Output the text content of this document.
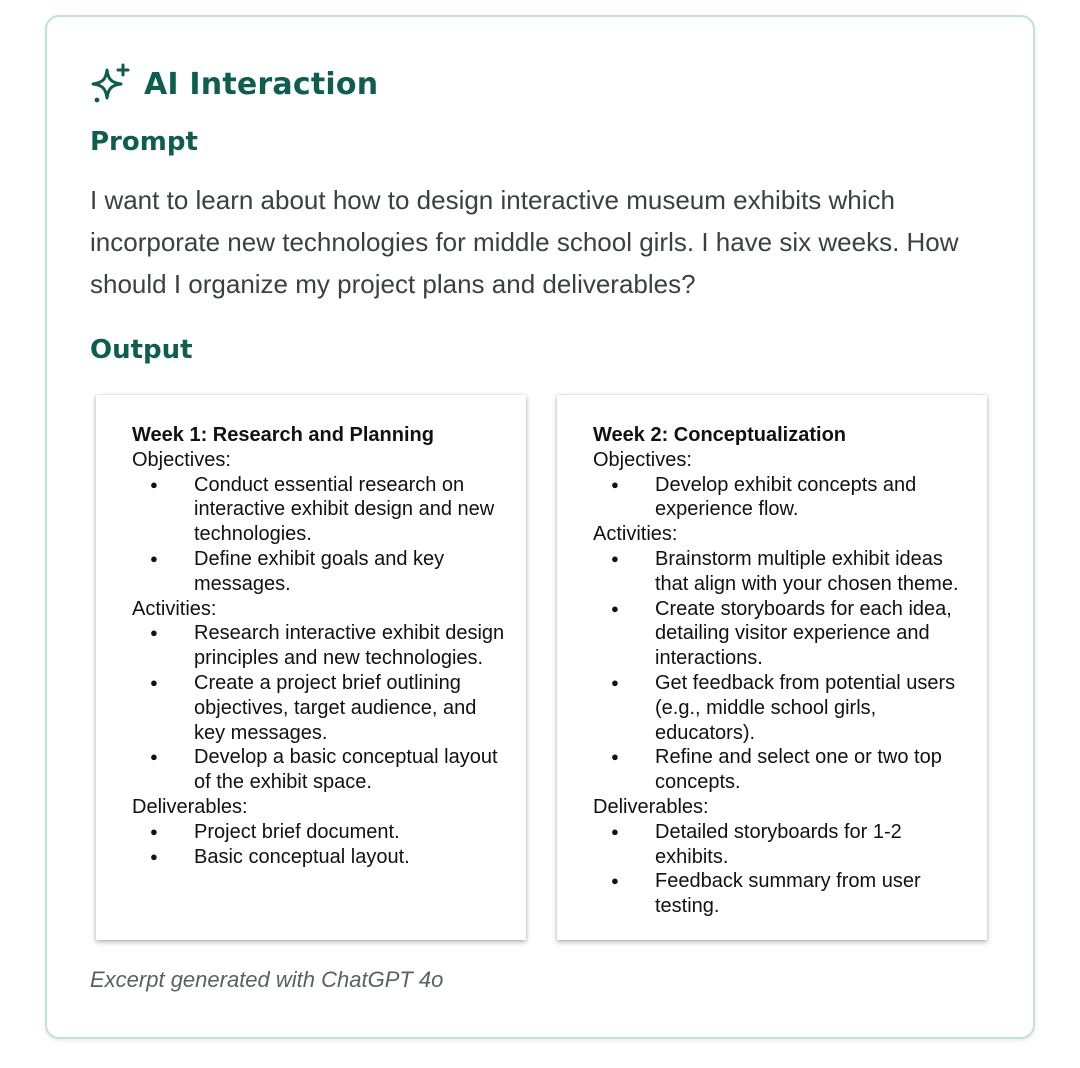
AI Interaction
Prompt
I want to learn about how to design interactive museum exhibits which incorporate new technologies for middle school girls. I have six weeks. How should I organize my project plans and deliverables?
Output
Week 1: Research and Planning

Objectives:

● Conduct essential research on interactive exhibit design and new technologies.
● Define exhibit goals and key messages.

Activities:

● Research interactive exhibit design principles and new technologies.
● Create a project brief outlining objectives, target audience, and key messages.
● Develop a basic conceptual layout of the exhibit space.

Deliverables:

● Project brief document.
● Basic conceptual layout.
Week 2: Conceptualization

Objectives:

● Develop exhibit concepts and experience flow.

Activities:

● Brainstorm multiple exhibit ideas that align with your chosen theme.
● Create storyboards for each idea, detailing visitor experience and interactions.
● Get feedback from potential users (e.g., middle school girls, educators).
● Refine and select one or two top concepts.

Deliverables:

● Detailed storyboards for 1-2 exhibits.
● Feedback summary from user testing.
Excerpt generated with ChatGPT 4o
